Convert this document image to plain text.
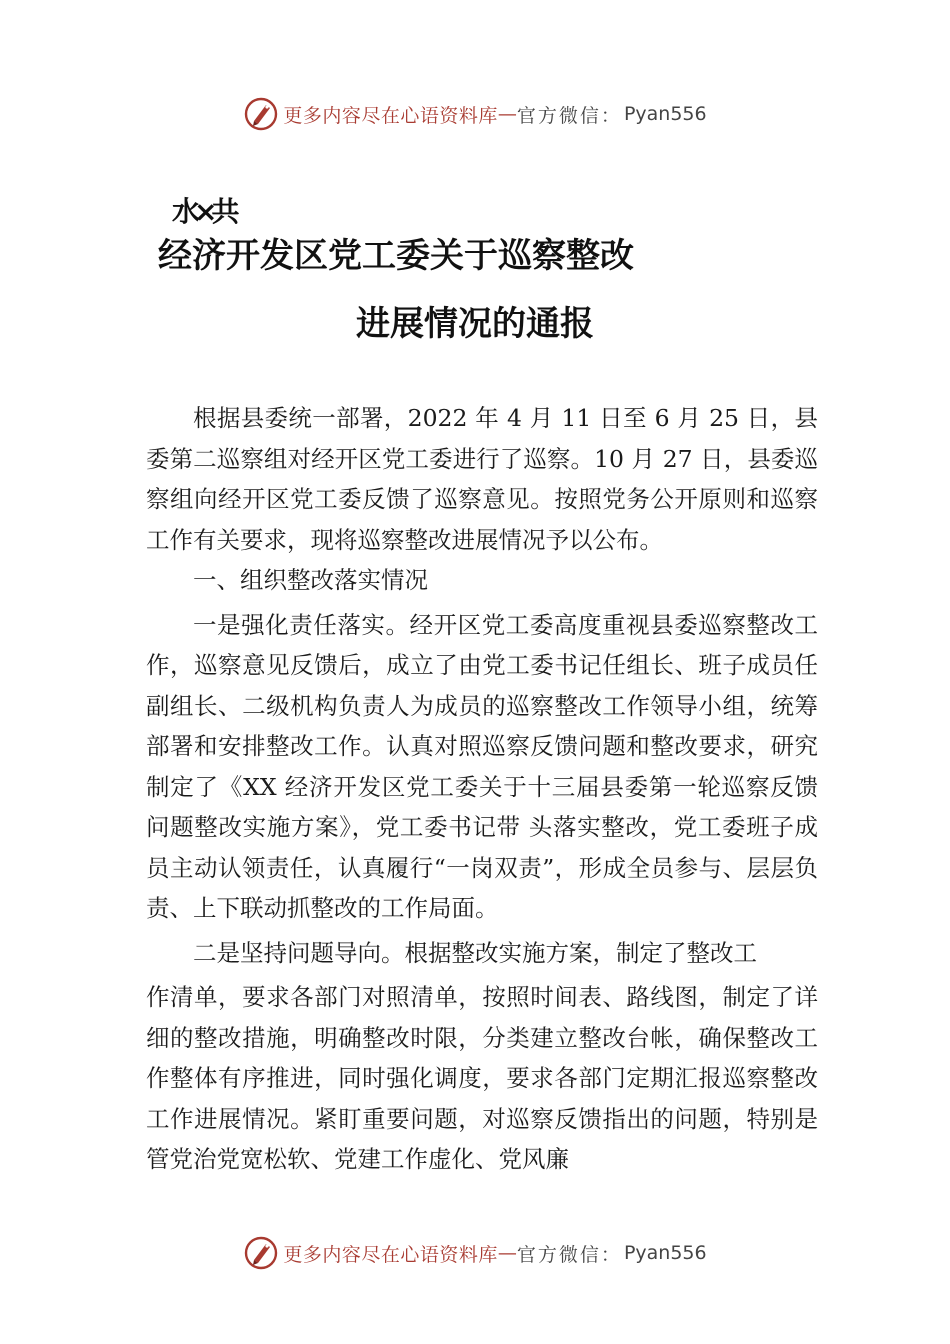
更多内容尽在心语资料库 — 官方微信： Pyan556
水×共
经济开发区党工委关于巡察整改
进展情况的通报

根据县委统一部署，2022 年 4 月 11 日至 6 月 25 日，县委第二巡察组对经开区党工委进行了巡察。10 月 27 日，县委巡察组向经开区党工委反馈了巡察意见。按照党务公开原则和巡察工作有关要求，现将巡察整改进展情况予以公布。

一、组织整改落实情况

一是强化责任落实。经开区党工委高度重视县委巡察整改工作，巡察意见反馈后，成立了由党工委书记任组长、班子成员任副组长、二级机构负责人为成员的巡察整改工作领导小组，统筹部署和安排整改工作。认真对照巡察反馈问题和整改要求，研究制定了《XX 经济开发区党工委关于十三届县委第一轮巡察反馈问题整改实施方案》，党工委书记带 头落实整改，党工委班子成员主动认领责任，认真履行“一岗双责”，形成全员参与、层层负责、上下联动抓整改的工作局面。

二是坚持问题导向。根据整改实施方案，制定了整改工

作清单，要求各部门对照清单，按照时间表、路线图，制定了详细的整改措施，明确整改时限，分类建立整改台帐，确保整改工作整体有序推进，同时强化调度，要求各部门定期汇报巡察整改工作进展情况。紧盯重要问题，对巡察反馈指出的问题，特别是管党治党宽松软、党建工作虚化、党风廉

更多内容尽在心语资料库 — 官方微信： Pyan556
